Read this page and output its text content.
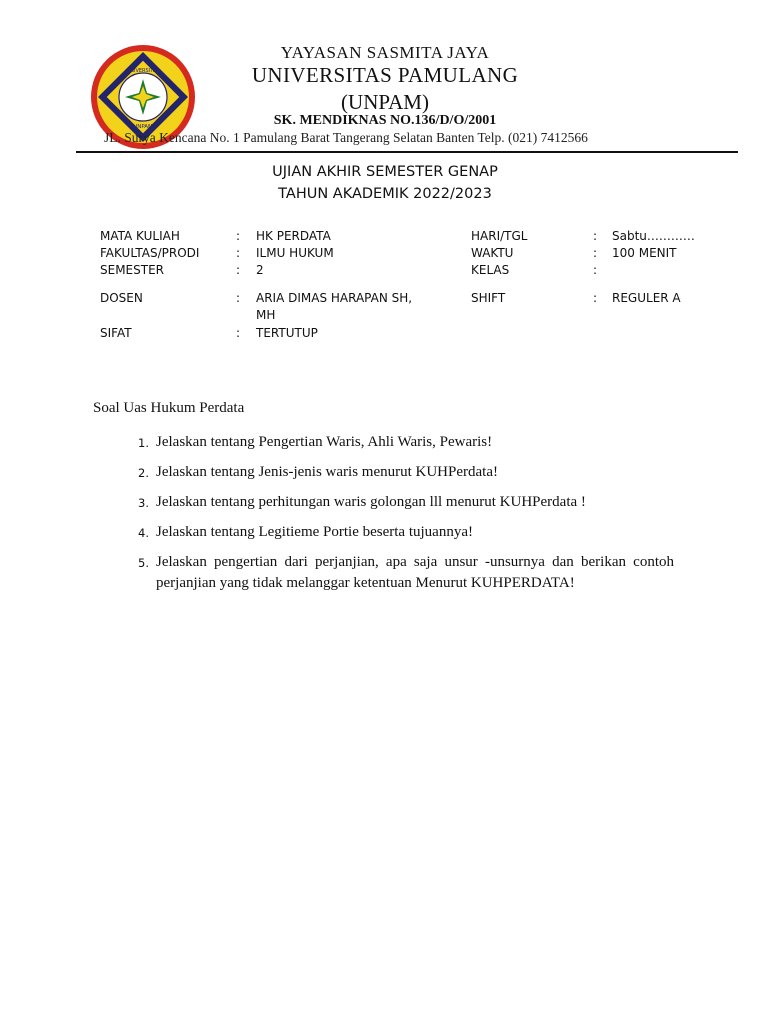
UNIVERSITAS
UNPAM
YAYASAN SASMITA JAYA
UNIVERSITAS PAMULANG
(UNPAM)
SK. MENDIKNAS NO.136/D/O/2001
JL. Surya Kencana No. 1 Pamulang Barat Tangerang Selatan Banten Telp. (021) 7412566
UJIAN AKHIR SEMESTER GENAP
TAHUN AKADEMIK 2022/2023
MATA KULIAH	: HK PERDATA	HARI/TGL	: Sabtu…………
FAKULTAS/PRODI	: ILMU HUKUM	WAKTU	: 100 MENIT
SEMESTER	: 2	KELAS	:
DOSEN	: ARIA DIMAS HARAPAN SH,	SHIFT	: REGULER A
MH
SIFAT	: TERTUTUP
Soal Uas Hukum Perdata
1. Jelaskan tentang Pengertian Waris, Ahli Waris, Pewaris!
2. Jelaskan tentang Jenis-jenis waris menurut KUHPerdata!
3. Jelaskan tentang perhitungan waris golongan lll menurut KUHPerdata !
4. Jelaskan tentang Legitieme Portie beserta tujuannya!
5. Jelaskan pengertian dari perjanjian, apa saja unsur -unsurnya dan berikan contoh perjanjian yang tidak melanggar ketentuan Menurut KUHPERDATA!
